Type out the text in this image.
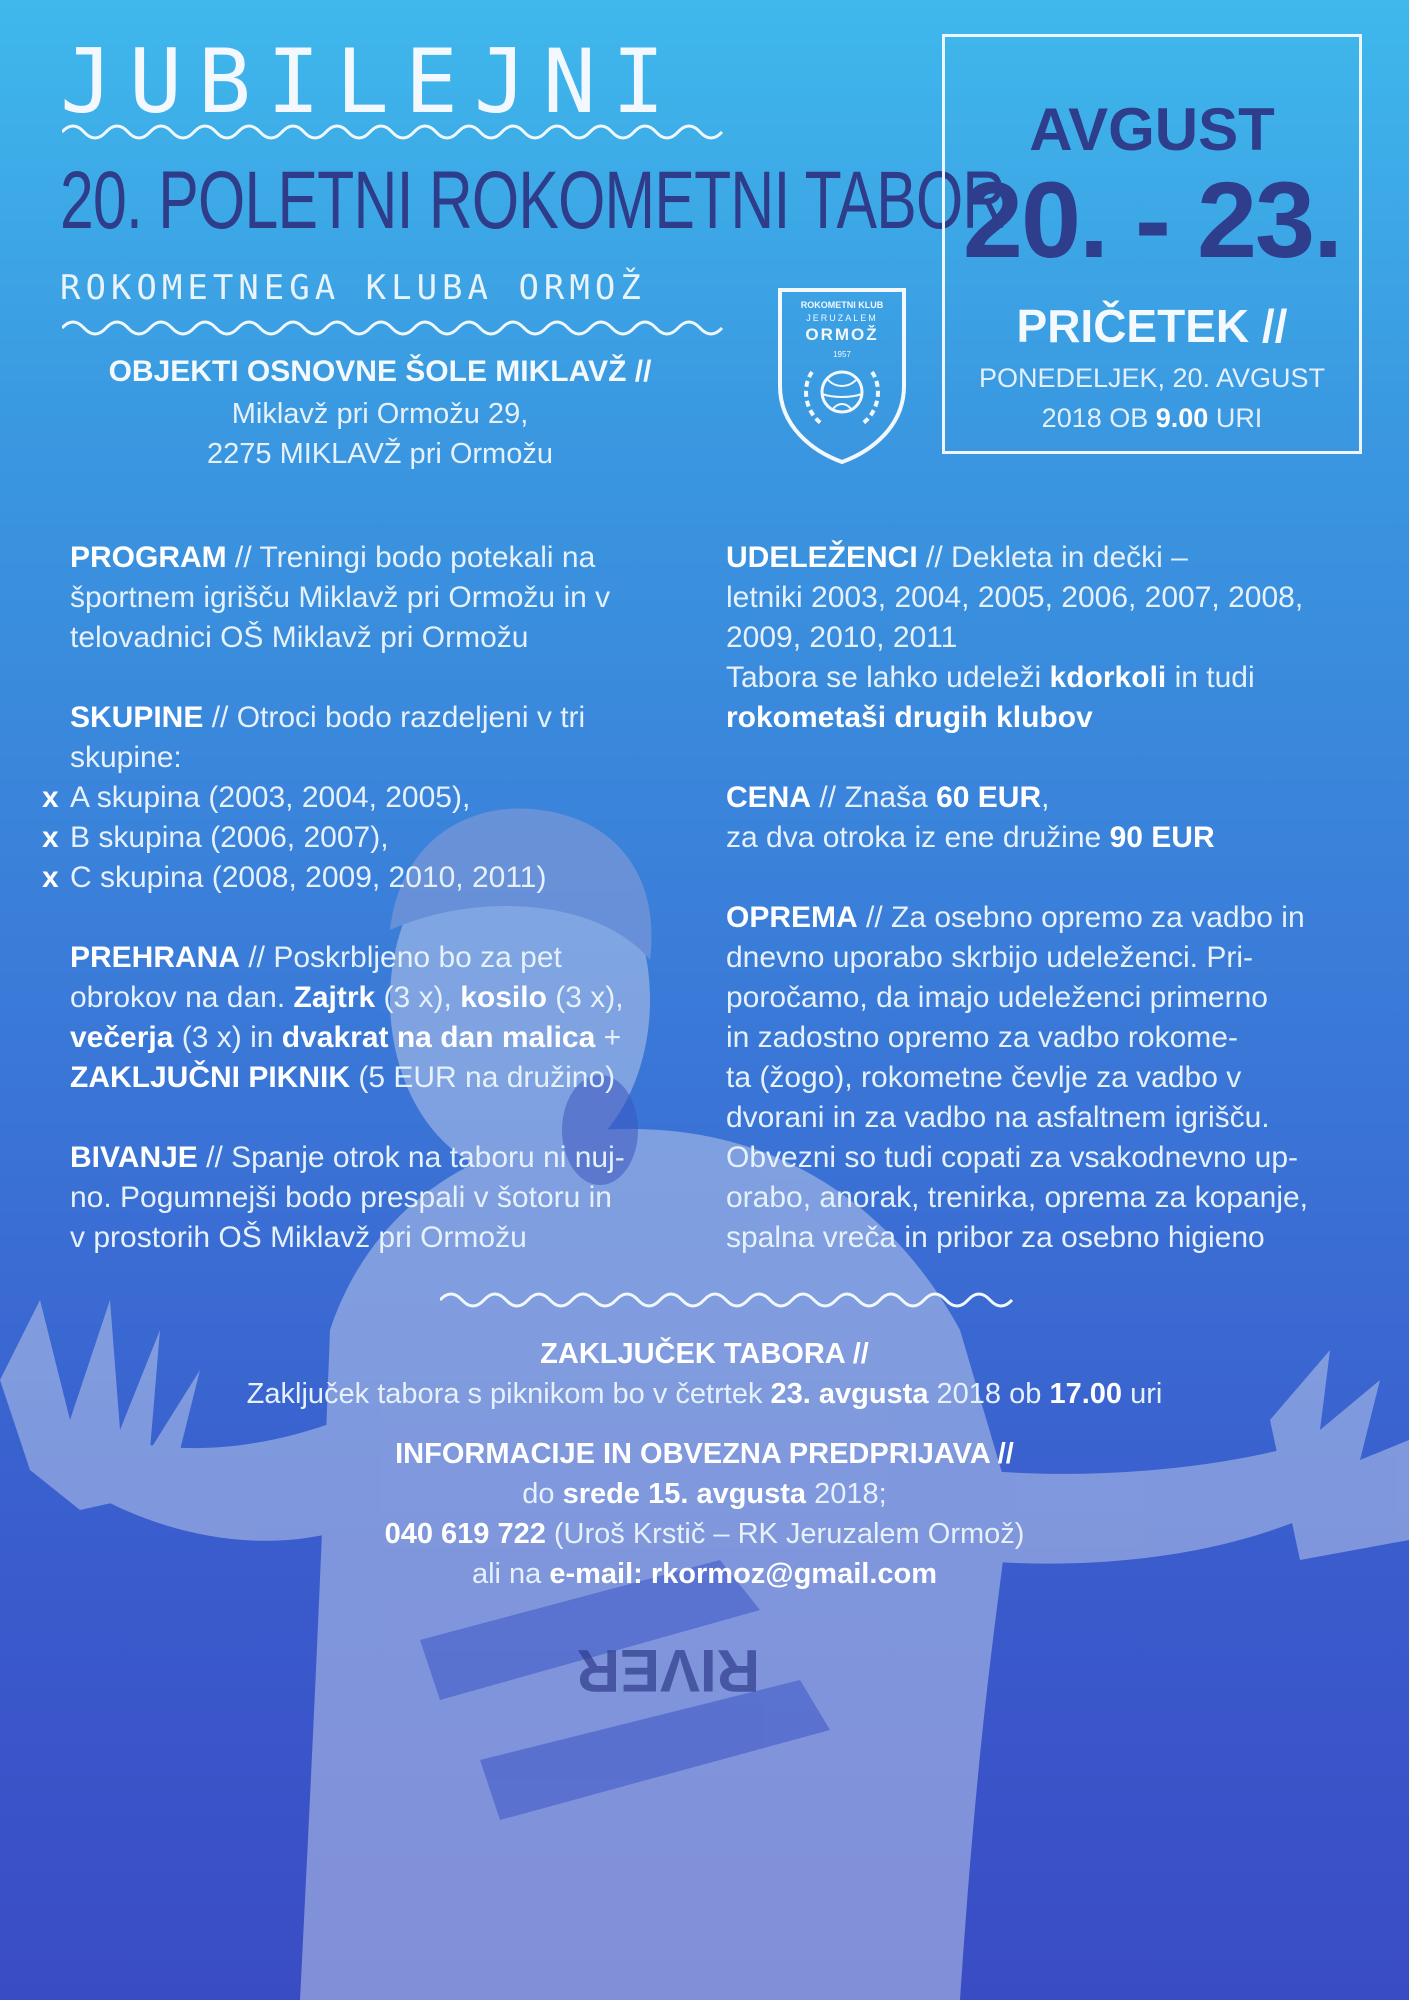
RIVER
JUBILEJNI
20. POLETNI ROKOMETNI TABOR
ROKOMETNEGA KLUBA ORMOŽ
OBJEKTI OSNOVNE ŠOLE MIKLAVŽ //
Miklavž pri Ormožu 29,
2275 MIKLAVŽ pri Ormožu
ROKOMETNI KLUB
JERUZALEM
ORMOŽ
1957
AVGUST
20. - 23.
PRIČETEK //
PONEDELJEK, 20. AVGUST
2018 OB 9.00 URI
PROGRAM // Treningi bodo potekali na
športnem igrišču Miklavž pri Ormožu in v
telovadnici OŠ Miklavž pri Ormožu
SKUPINE // Otroci bodo razdeljeni v tri
skupine:
x A skupina (2003, 2004, 2005),
x B skupina (2006, 2007),
x C skupina (2008, 2009, 2010, 2011)
PREHRANA // Poskrbljeno bo za pet
obrokov na dan. Zajtrk (3 x), kosilo (3 x),
večerja (3 x) in dvakrat na dan malica +
ZAKLJUČNI PIKNIK (5 EUR na družino)
BIVANJE // Spanje otrok na taboru ni nuj-
no. Pogumnejši bodo prespali v šotoru in
v prostorih OŠ Miklavž pri Ormožu
UDELEŽENCI // Dekleta in dečki –
letniki 2003, 2004, 2005, 2006, 2007, 2008,
2009, 2010, 2011
Tabora se lahko udeleži kdorkoli in tudi
rokometaši drugih klubov
CENA // Znaša 60 EUR,
za dva otroka iz ene družine 90 EUR
OPREMA // Za osebno opremo za vadbo in
dnevno uporabo skrbijo udeleženci. Pri-
poročamo, da imajo udeleženci primerno
in zadostno opremo za vadbo rokome-
ta (žogo), rokometne čevlje za vadbo v
dvorani in za vadbo na asfaltnem igrišču.
Obvezni so tudi copati za vsakodnevno up-
orabo, anorak, trenirka, oprema za kopanje,
spalna vreča in pribor za osebno higieno
ZAKLJUČEK TABORA //
Zaključek tabora s piknikom bo v četrtek 23. avgusta 2018 ob 17.00 uri
INFORMACIJE IN OBVEZNA PREDPRIJAVA //
do srede 15. avgusta 2018;
040 619 722 (Uroš Krstič – RK Jeruzalem Ormož)
ali na e-mail: rkormoz@gmail.com
